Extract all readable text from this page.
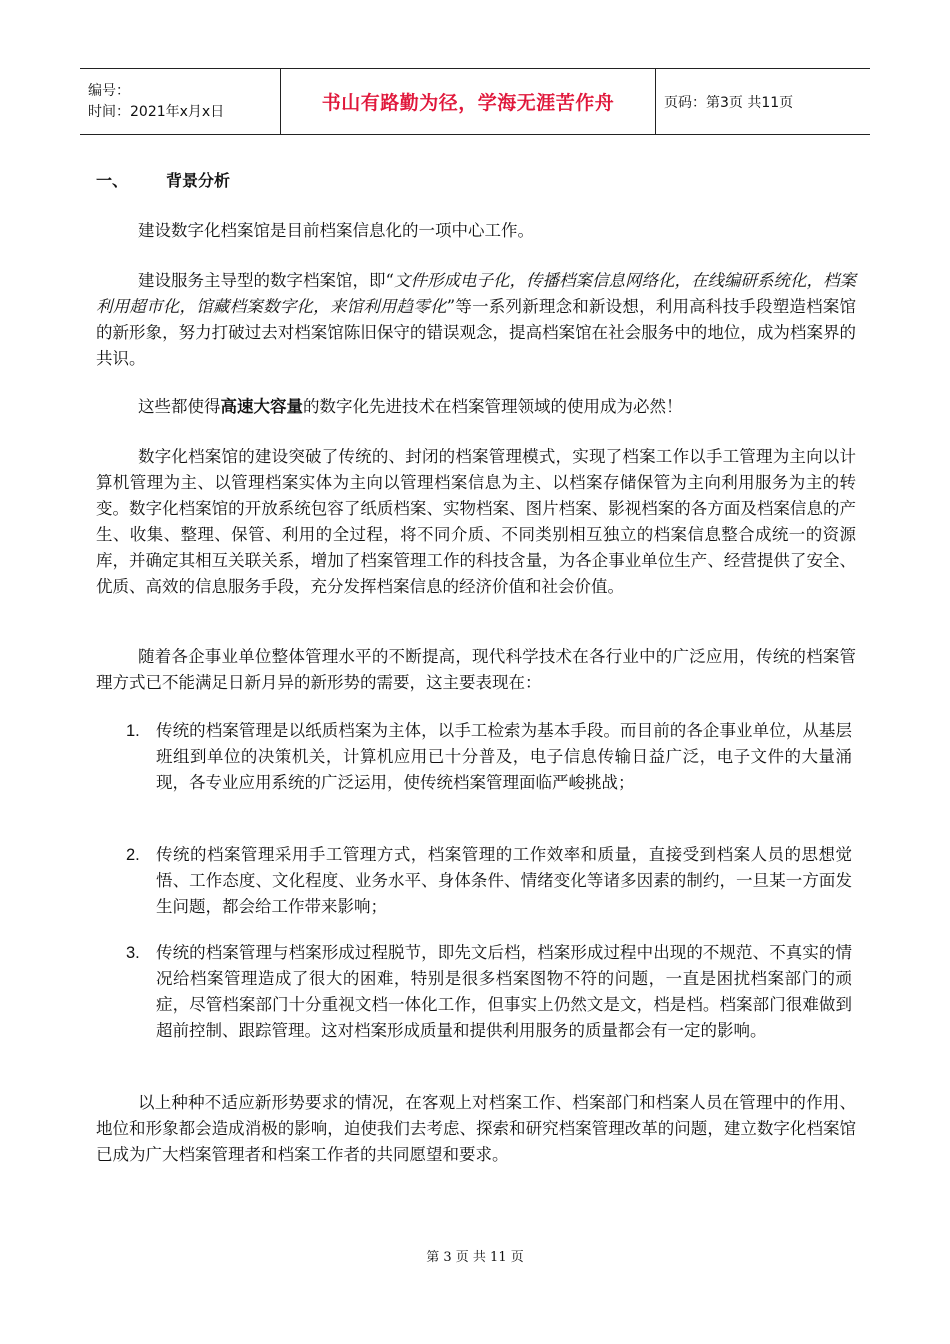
编号：
时间：2021年x月x日	书山有路勤为径，学海无涯苦作舟	页码：第3页 共11页
一、 背景分析
建设数字化档案馆是目前档案信息化的一项中心工作。
建设服务主导型的数字档案馆，即“文件形成电子化，传播档案信息网络化，在线编研系统化，档案利用超市化，馆藏档案数字化，来馆利用趋零化”等一系列新理念和新设想，利用高科技手段塑造档案馆的新形象，努力打破过去对档案馆陈旧保守的错误观念，提高档案馆在社会服务中的地位，成为档案界的共识。
这些都使得高速大容量的数字化先进技术在档案管理领域的使用成为必然！
数字化档案馆的建设突破了传统的、封闭的档案管理模式，实现了档案工作以手工管理为主向以计算机管理为主、以管理档案实体为主向以管理档案信息为主、以档案存储保管为主向利用服务为主的转变。数字化档案馆的开放系统包容了纸质档案、实物档案、图片档案、影视档案的各方面及档案信息的产生、收集、整理、保管、利用的全过程，将不同介质、不同类别相互独立的档案信息整合成统一的资源库，并确定其相互关联关系，增加了档案管理工作的科技含量，为各企事业单位生产、经营提供了安全、优质、高效的信息服务手段，充分发挥档案信息的经济价值和社会价值。
随着各企事业单位整体管理水平的不断提高，现代科学技术在各行业中的广泛应用，传统的档案管理方式已不能满足日新月异的新形势的需要，这主要表现在：
1. 传统的档案管理是以纸质档案为主体，以手工检索为基本手段。而目前的各企事业单位，从基层班组到单位的决策机关，计算机应用已十分普及，电子信息传输日益广泛，电子文件的大量涌现，各专业应用系统的广泛运用，使传统档案管理面临严峻挑战；
2. 传统的档案管理采用手工管理方式，档案管理的工作效率和质量，直接受到档案人员的思想觉悟、工作态度、文化程度、业务水平、身体条件、情绪变化等诸多因素的制约，一旦某一方面发生问题，都会给工作带来影响；
3. 传统的档案管理与档案形成过程脱节，即先文后档，档案形成过程中出现的不规范、不真实的情况给档案管理造成了很大的困难，特别是很多档案图物不符的问题，一直是困扰档案部门的顽症，尽管档案部门十分重视文档一体化工作，但事实上仍然文是文，档是档。档案部门很难做到超前控制、跟踪管理。这对档案形成质量和提供利用服务的质量都会有一定的影响。
以上种种不适应新形势要求的情况，在客观上对档案工作、档案部门和档案人员在管理中的作用、地位和形象都会造成消极的影响，迫使我们去考虑、探索和研究档案管理改革的问题，建立数字化档案馆已成为广大档案管理者和档案工作者的共同愿望和要求。
第 3 页 共 11 页
